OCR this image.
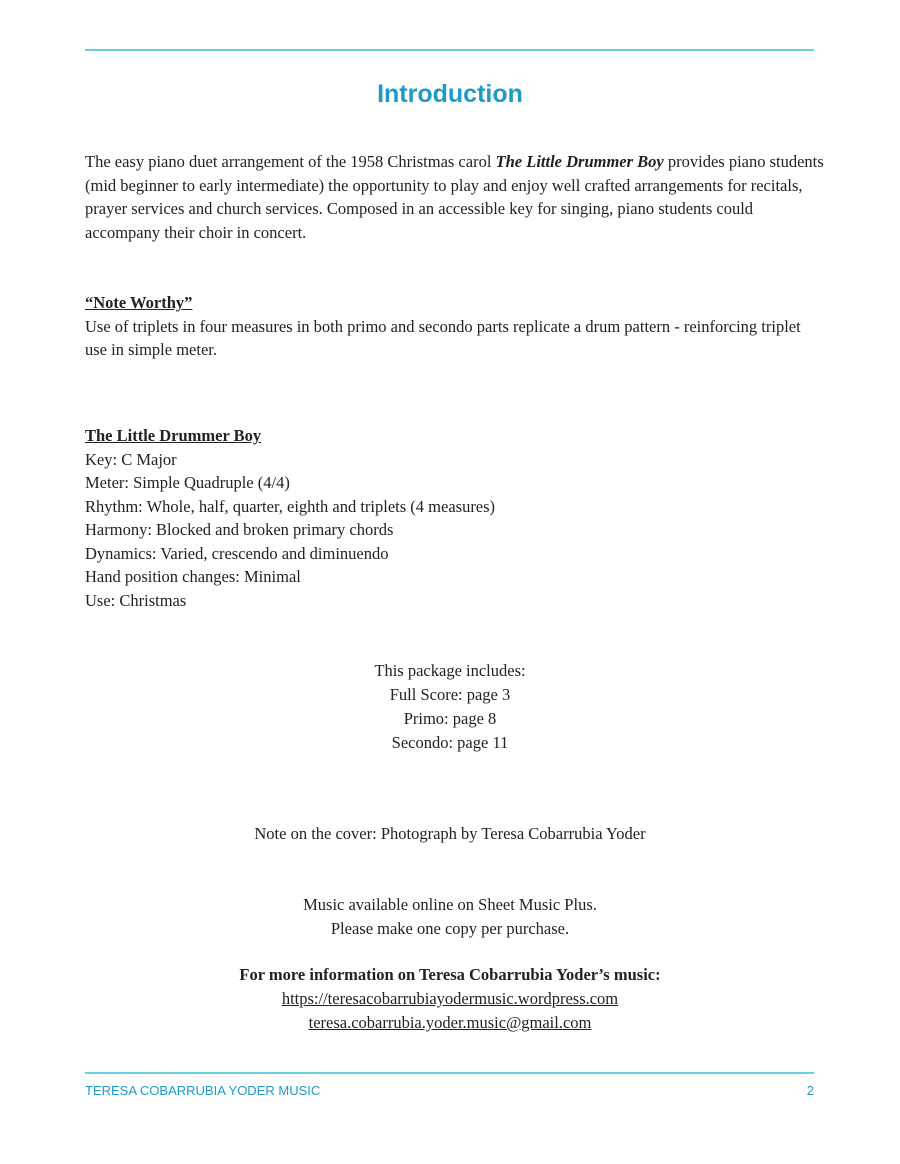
Introduction
The easy piano duet arrangement of the 1958 Christmas carol The Little Drummer Boy provides piano students (mid beginner to early intermediate) the opportunity to play and enjoy well crafted arrangements for recitals, prayer services and church services. Composed in an accessible key for singing, piano students could accompany their choir in concert.
“Note Worthy”
Use of triplets in four measures in both primo and secondo parts replicate a drum pattern - reinforcing triplet use in simple meter.
The Little Drummer Boy
Key: C Major
Meter: Simple Quadruple (4/4)
Rhythm: Whole, half, quarter, eighth and triplets (4 measures)
Harmony: Blocked and broken primary chords
Dynamics: Varied, crescendo and diminuendo
Hand position changes: Minimal
Use: Christmas
This package includes:
Full Score: page 3
Primo: page 8
Secondo: page 11
Note on the cover: Photograph by Teresa Cobarrubia Yoder
Music available online on Sheet Music Plus.
Please make one copy per purchase.
For more information on Teresa Cobarrubia Yoder’s music:
https://teresacobarrubiayodermusic.wordpress.com
teresa.cobarrubia.yoder.music@gmail.com
TERESA COBARRUBIA YODER MUSIC	2
